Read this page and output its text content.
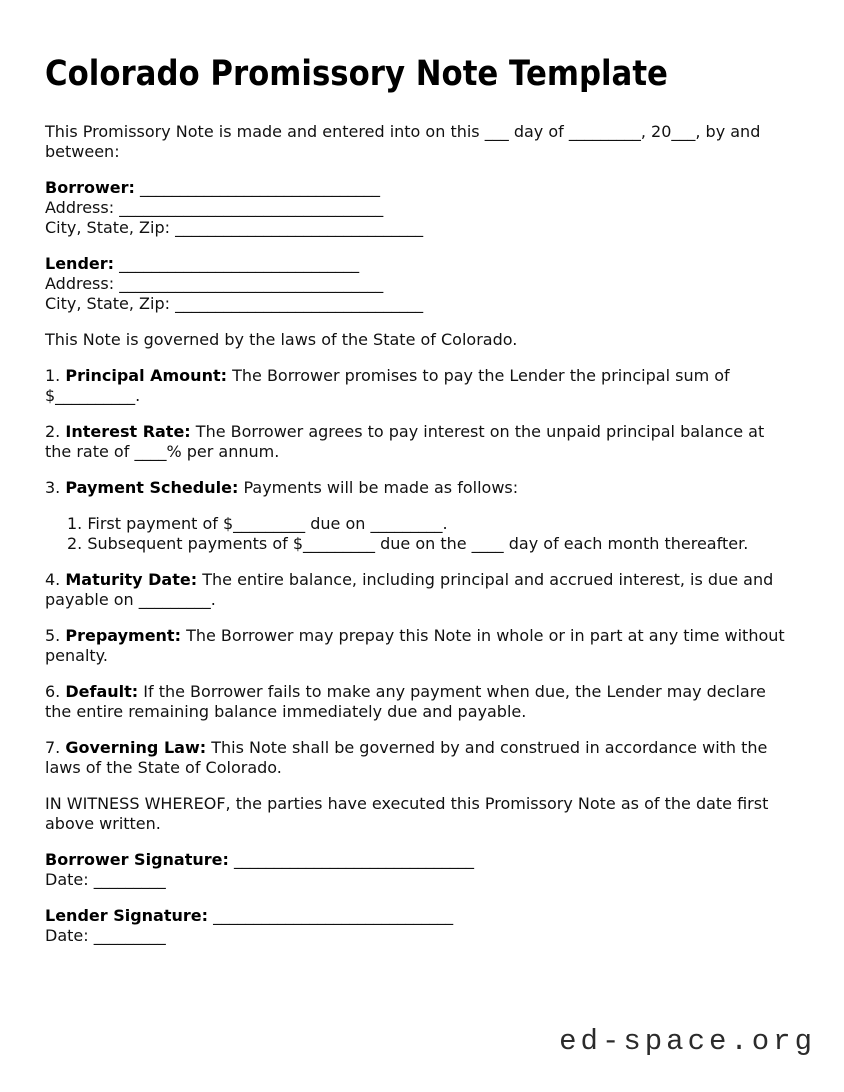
Colorado Promissory Note Template

This Promissory Note is made and entered into on this ___ day of _________, 20___, by and between:

Borrower: ______________________________
Address: _________________________________
City, State, Zip: _______________________________
Lender: ______________________________
Address: _________________________________
City, State, Zip: _______________________________

This Note is governed by the laws of the State of Colorado.

1. Principal Amount: The Borrower promises to pay the Lender the principal sum of $__________.

2. Interest Rate: The Borrower agrees to pay interest on the unpaid principal balance at the rate of ____% per annum.

3. Payment Schedule: Payments will be made as follows:

1. First payment of $_________ due on _________.
2. Subsequent payments of $_________ due on the ____ day of each month thereafter.

4. Maturity Date: The entire balance, including principal and accrued interest, is due and payable on _________.

5. Prepayment: The Borrower may prepay this Note in whole or in part at any time without penalty.

6. Default: If the Borrower fails to make any payment when due, the Lender may declare the entire remaining balance immediately due and payable.

7. Governing Law: This Note shall be governed by and construed in accordance with the laws of the State of Colorado.

IN WITNESS WHEREOF, the parties have executed this Promissory Note as of the date first above written.

Borrower Signature: ______________________________
Date: _________
Lender Signature: ______________________________
Date: _________
ed-space.org
